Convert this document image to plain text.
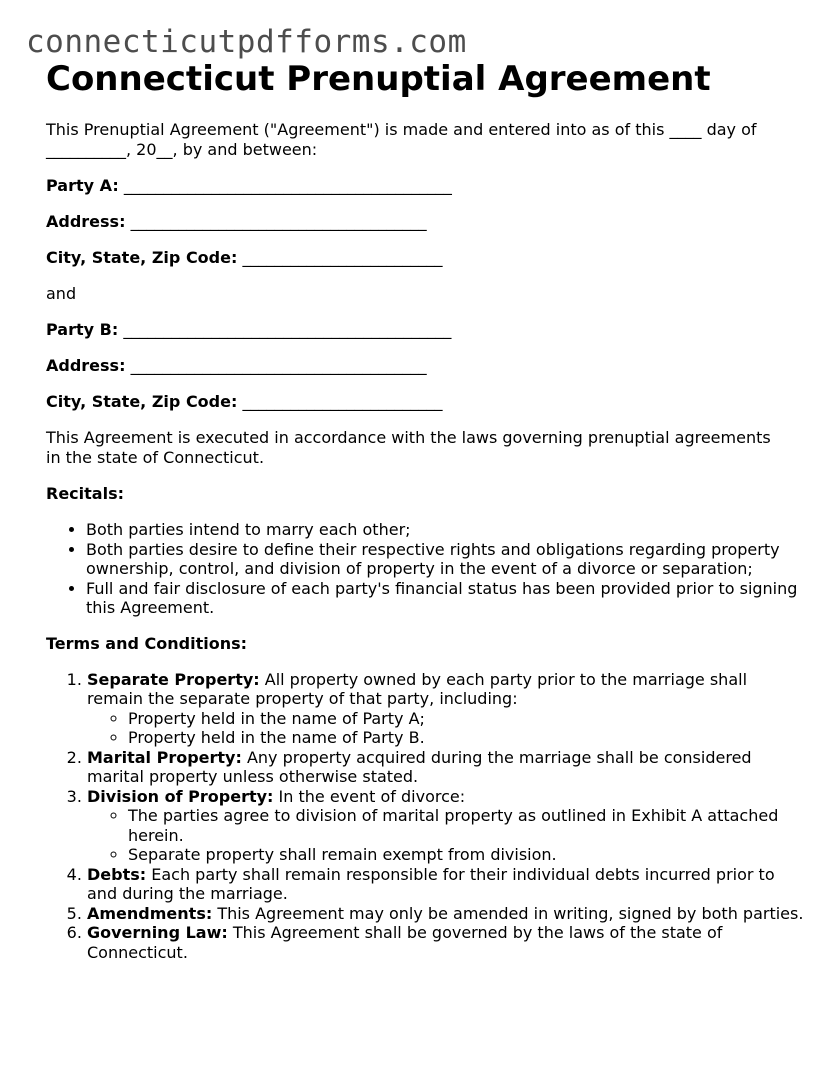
connecticutpdfforms.com
Connecticut Prenuptial Agreement

This Prenuptial Agreement ("Agreement") is made and entered into as of this ____ day of
__________, 20__, by and between:

Party A: _________________________________________

Address: _____________________________________

City, State, Zip Code: _________________________

and

Party B: _________________________________________

Address: _____________________________________

City, State, Zip Code: _________________________

This Agreement is executed in accordance with the laws governing prenuptial agreements
in the state of Connecticut.

Recitals:

• Both parties intend to marry each other;
• Both parties desire to define their respective rights and obligations regarding property ownership, control, and division of property in the event of a divorce or separation;
• Full and fair disclosure of each party's financial status has been provided prior to signing this Agreement.

Terms and Conditions:

1. Separate Property: All property owned by each party prior to the marriage shall remain the separate property of that party, including:
◦ Property held in the name of Party A;
◦ Property held in the name of Party B.
2. Marital Property: Any property acquired during the marriage shall be considered marital property unless otherwise stated.
3. Division of Property: In the event of divorce:
◦ The parties agree to division of marital property as outlined in Exhibit A attached herein.
◦ Separate property shall remain exempt from division.
4. Debts: Each party shall remain responsible for their individual debts incurred prior to and during the marriage.
5. Amendments: This Agreement may only be amended in writing, signed by both parties.
6. Governing Law: This Agreement shall be governed by the laws of the state of Connecticut.
